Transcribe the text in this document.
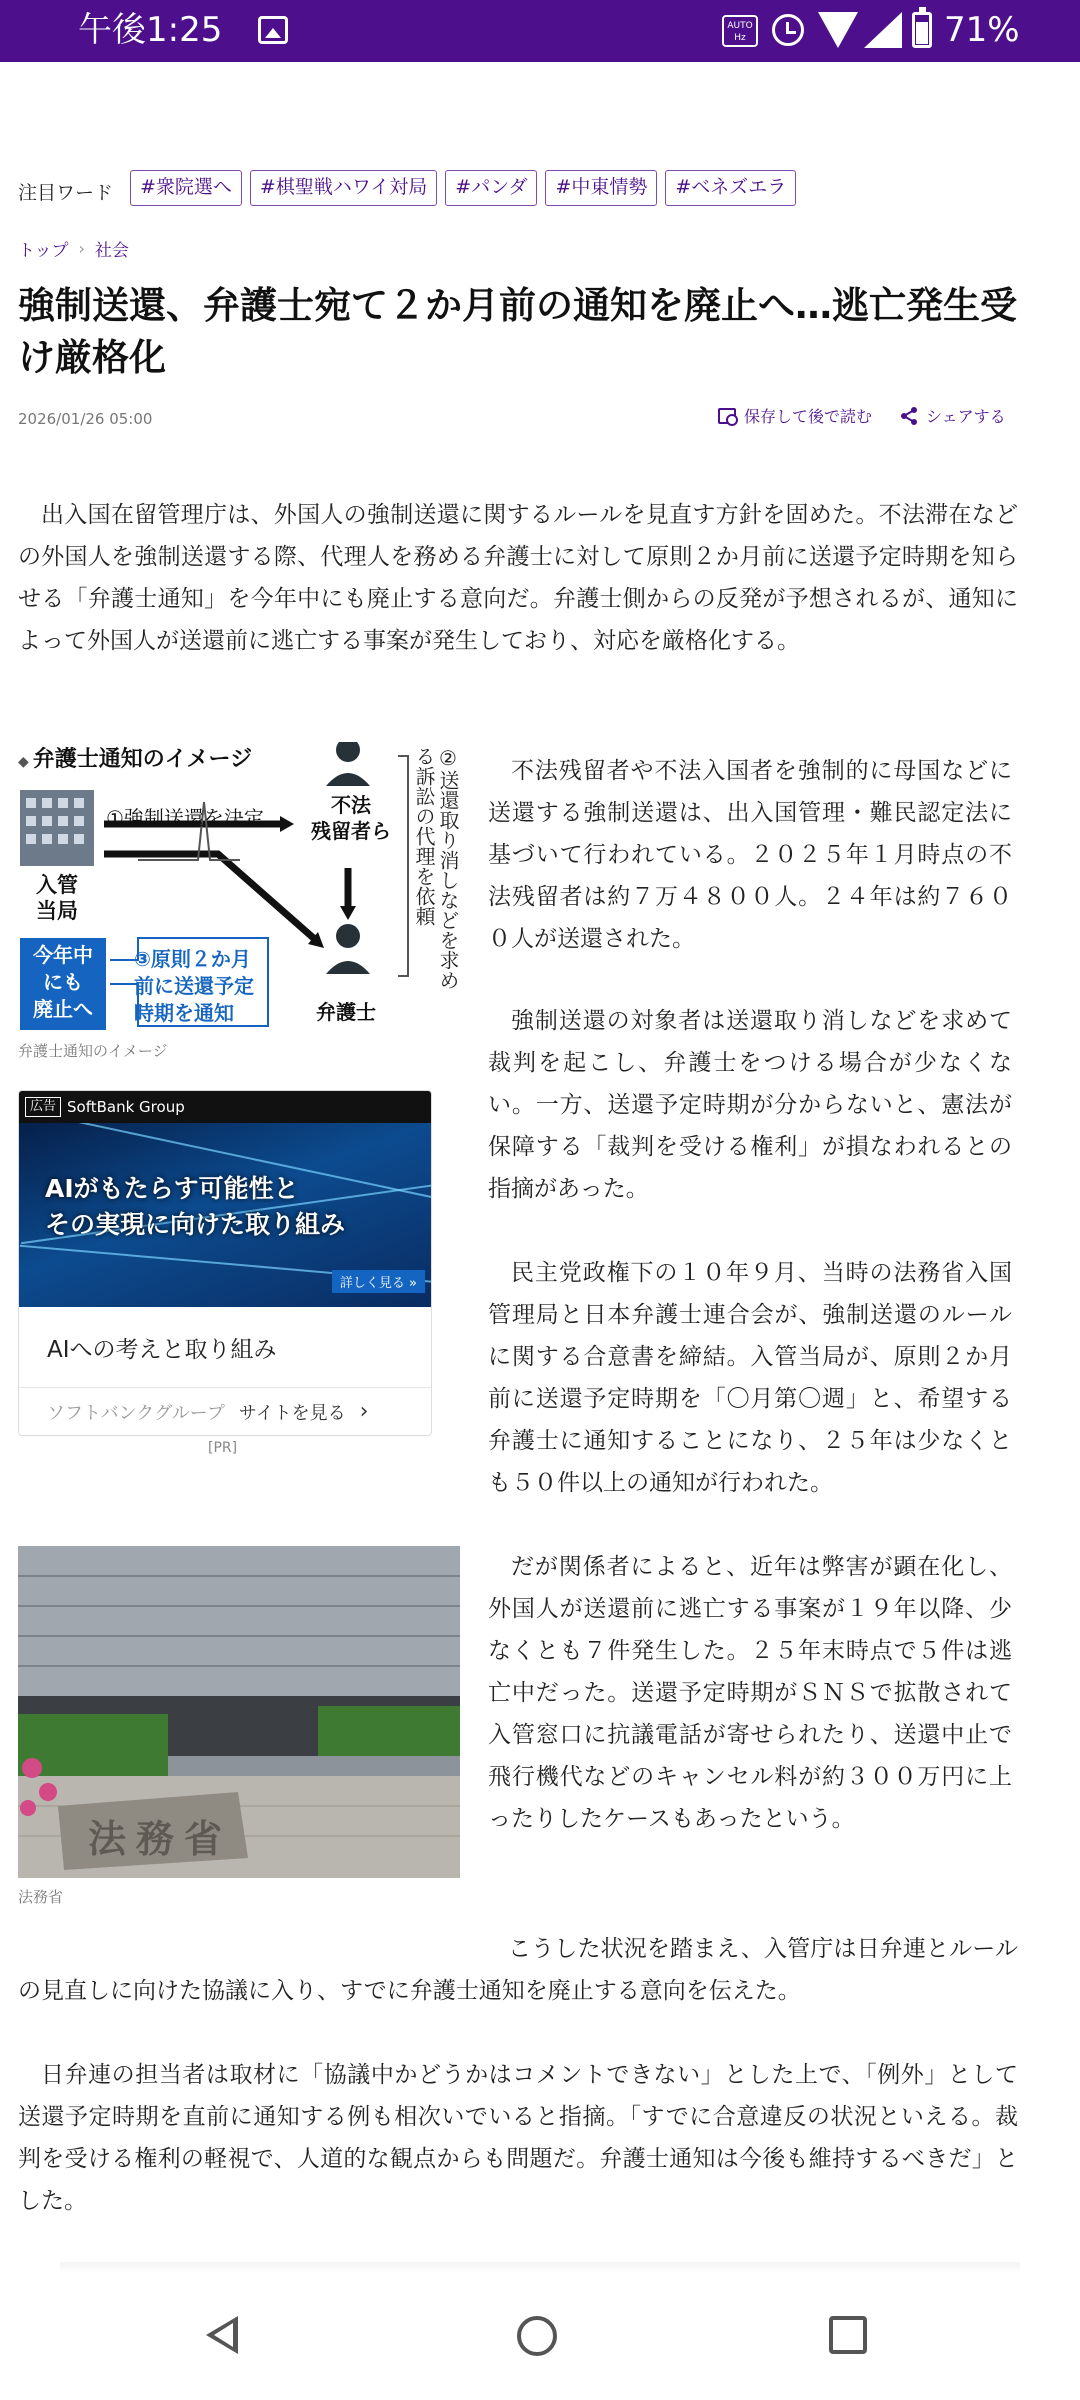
午後1:25	AUTO Hz	71%
注目ワード	#衆院選へ	#棋聖戦ハワイ対局	#パンダ	#中東情勢	#ベネズエラ
トップ › 社会
強制送還、弁護士宛て２か月前の通知を廃止へ…逃亡発生受け厳格化
2026/01/26 05:00	保存して後で読む	シェアする

出入国在留管理庁は、外国人の強制送還に関するルールを見直す方針を固めた。不法滞在などの外国人を強制送還する際、代理人を務める弁護士に対して原則２か月前に送還予定時期を知らせる「弁護士通知」を今年中にも廃止する意向だ。弁護士側からの反発が予想されるが、通知によって外国人が送還前に逃亡する事案が発生しており、対応を厳格化する。

◆ 弁護士通知のイメージ
①強制送還を決定
入管
当局
不法
残留者ら
弁護士
②送還取り消しなどを求める訴訟の代理を依頼
今年中
にも
廃止へ
③原則２か月
前に送還予定
時期を通知
弁護士通知のイメージ

不法残留者や不法入国者を強制的に母国などに送還する強制送還は、出入国管理・難民認定法に基づいて行われている。２０２５年１月時点の不法残留者は約７万４８００人。２４年は約７６００人が送還された。

強制送還の対象者は送還取り消しなどを求めて裁判を起こし、弁護士をつける場合が少なくない。一方、送還予定時期が分からないと、憲法が保障する「裁判を受ける権利」が損なわれるとの指摘があった。

民主党政権下の１０年９月、当時の法務省入国管理局と日本弁護士連合会が、強制送還のルールに関する合意書を締結。入管当局が、原則２か月前に送還予定時期を「〇月第〇週」と、希望する弁護士に通知することになり、２５年は少なくとも５０件以上の通知が行われた。

広告 SoftBank Group
AIがもたらす可能性と
その実現に向けた取り組み
詳しく見る »
AIへの考えと取り組み
ソフトバンクグループ サイトを見る ›
[PR]
法務省
法務省

だが関係者によると、近年は弊害が顕在化し、外国人が送還前に逃亡する事案が１９年以降、少なくとも７件発生した。２５年末時点で５件は逃亡中だった。送還予定時期がＳＮＳで拡散されて入管窓口に抗議電話が寄せられたり、送還中止で飛行機代などのキャンセル料が約３００万円に上ったりしたケースもあったという。

こうした状況を踏まえ、入管庁は日弁連とルールの見直しに向けた協議に入り、すでに弁護士通知を廃止する意向を伝えた。

日弁連の担当者は取材に「協議中かどうかはコメントできない」とした上で、「例外」として送還予定時期を直前に通知する例も相次いでいると指摘。「すでに合意違反の状況といえる。裁判を受ける権利の軽視で、人道的な観点からも問題だ。弁護士通知は今後も維持するべきだ」とした。
